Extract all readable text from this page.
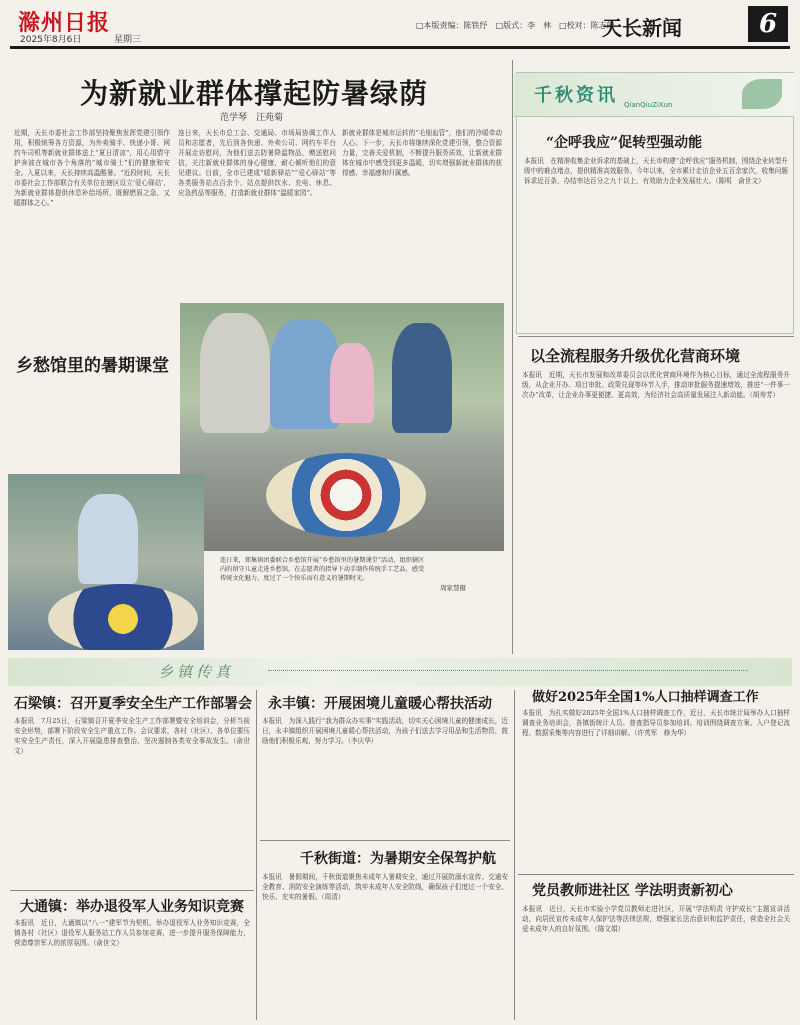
滁州日报
2025年8月6日	星期三
□本版责编：陈铁纾　□版式：李　林　□校对：陈志皎
天长新闻	6
为新就业群体撑起防暑绿荫
范学琴　汪苑菊
近期，天长市委社会工作部坚持聚焦发挥党建引领作用，积极统筹各方资源，为外卖骑手、快递小哥、网约车司机等新就业群体送上“夏日清凉”，用心用情守护奔波在城市各个角落的“城市骑士”们的健康和安全。入夏以来，天长持续高温酷暑。“近段时间，天长市委社会工作部联合有关单位在辖区设立‘爱心驿站’，为新就业群体提供休息补给场所，既解燃眉之急，又暖群体之心。”
连日来，天长市总工会、交通局、市场局协调工作人员和志愿者，先后到各快递、外卖公司、网约车平台开展走访慰问，为他们送去防暑降温物品，赠送慰问信，关注新就业群体的身心健康，耐心倾听他们的意见建议。目前，全市已建成“暖新驿站”“爱心驿站”等各类服务站点百余个，站点提供饮水、充电、休息、应急药品等服务，打造新就业群体“温暖家园”。
新就业群体是城市运转的“毛细血管”，他们的冷暖牵动人心。下一步，天长市将继续深化党建引领，整合资源力量，完善关爱机制，不断提升服务质效，让新就业群体在城市中感受到更多温暖，切实增强新就业群体的获得感、幸福感和归属感。
乡愁馆里的暑期课堂
连日来，郑集镇团委联合乡愁馆开展“乡愁馆里的暑期课堂”活动，组织辖区内的留守儿童走进乡愁馆，在志愿者的指导下动手制作传统手工艺品，感受传统文化魅力，度过了一个快乐而有意义的暑期时光。
周家慧摄
千秋资讯 QianQiuZiXun
“企呼我应”促转型强动能
本报讯　在精准收集企业诉求的基础上，天长市构建“企呼我应”服务机制，围绕企业转型升级中的难点堵点，提供精准高效服务。今年以来，全市累计走访企业五百余家次，收集问题诉求近百条，办结率达百分之九十以上，有效助力企业发展壮大。（陈明　俞世文）
以全流程服务升级优化营商环境
本报讯　近期，天长市发展和改革委员会以优化营商环境作为核心目标，通过全流程服务升级，从企业开办、项目审批、政策兑现等环节入手，推动审批服务提速增效，推进“一件事一次办”改革，让企业办事更便捷、更高效，为经济社会高质量发展注入新动能。（胡寿芳）
乡镇传真
石梁镇：召开夏季安全生产工作部署会
本报讯　7月25日，石梁镇召开夏季安全生产工作部署暨安全培训会，分析当前安全形势，部署下阶段安全生产重点工作。会议要求，各村（社区）、各单位要压实安全生产责任，深入开展隐患排查整治，坚决遏制各类安全事故发生。（俞世文）
永丰镇：开展困境儿童暖心帮扶活动
本报讯　为深入践行“我为群众办实事”实践活动，切实关心困境儿童的健康成长，近日，永丰镇组织开展困境儿童暖心帮扶活动，为孩子们送去学习用品和生活物资，鼓励他们积极乐观、努力学习。（李庆华）
大通镇：举办退役军人业务知识竞赛
本报讯　近日，大通镇以“八一”建军节为契机，举办退役军人业务知识竞赛，全镇各村（社区）退役军人服务站工作人员参加竞赛，进一步提升服务保障能力，营造尊崇军人的浓厚氛围。（俞世文）
千秋街道：为暑期安全保驾护航
本报讯　暑假期间，千秋街道聚焦未成年人暑期安全，通过开展防溺水宣传、交通安全教育、消防安全演练等活动，筑牢未成年人安全防线，确保孩子们度过一个安全、快乐、充实的暑假。（周清）
做好2025年全国1%人口抽样调查工作
本报讯　为扎实做好2025年全国1%人口抽样调查工作，近日，天长市统计局举办人口抽样调查业务培训会，各镇街统计人员、普查指导员参加培训。培训围绕调查方案、入户登记流程、数据采集等内容进行了详细讲解。（许英军　修为华）
党员教师进社区 学法明责新初心
本报讯　近日，天长市实验小学党员教师走进社区，开展“学法明责 守护成长”主题宣讲活动，向居民宣传未成年人保护法等法律法规，增强家长法治意识和监护责任，营造全社会关爱未成年人的良好氛围。（陈文娟）
